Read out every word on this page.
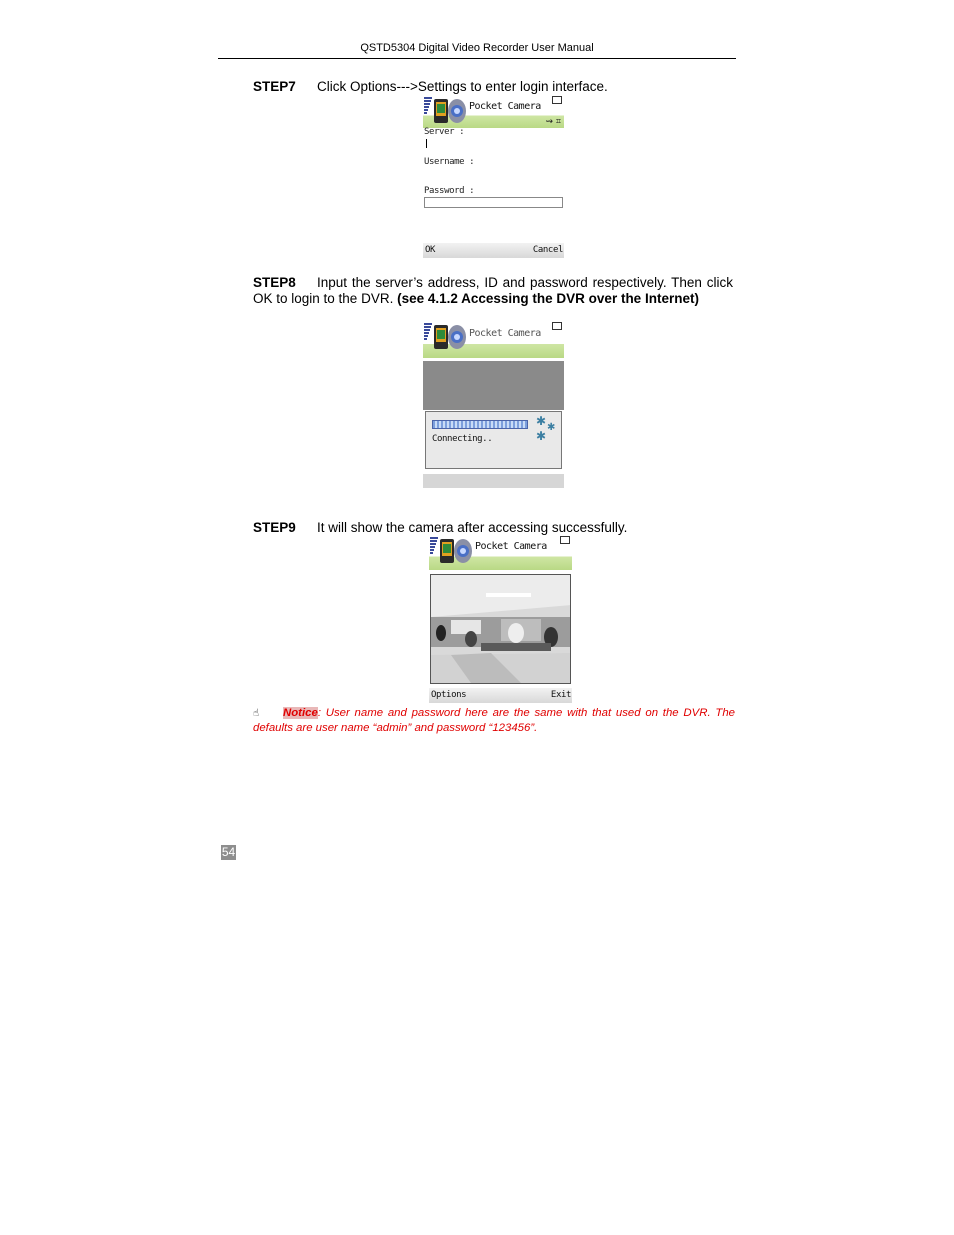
QSTD5304 Digital Video Recorder User Manual
STEP7 Click Options--->Settings to enter login interface.
Pocket Camera
⇝ ⌗
Server :
Username :
Password :
OK	Cancel
STEP8 Input the server’s address, ID and password respectively. Then click OK to login to the DVR. (see 4.1.2 Accessing the DVR over the Internet)
Pocket Camera
✱ ✱
✱
Connecting..
STEP9 It will show the camera after accessing successfully.
Pocket Camera
Options	Exit
☝ Notice: User name and password here are the same with that used on the DVR. The defaults are user name “admin” and password “123456”.
54
